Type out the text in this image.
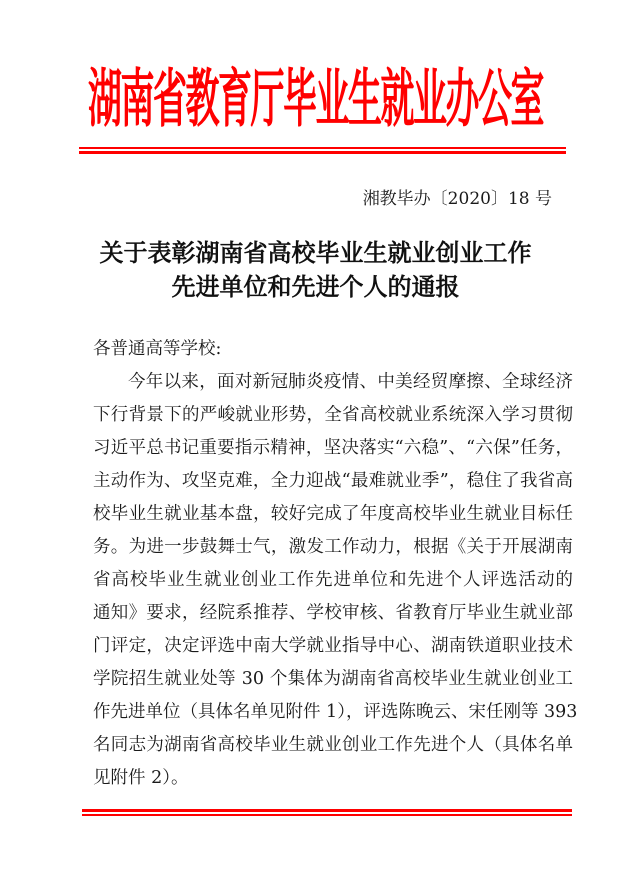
湖南省教育厅毕业生就业办公室
湘教毕办〔2020〕18 号
关于表彰湖南省高校毕业生就业创业工作
先进单位和先进个人的通报
各普通高等学校:
今年以来，面对新冠肺炎疫情、中美经贸摩擦、全球经济
下行背景下的严峻就业形势，全省高校就业系统深入学习贯彻
习近平总书记重要指示精神，坚决落实“六稳”、“六保”任务，
主动作为、攻坚克难，全力迎战“最难就业季”，稳住了我省高
校毕业生就业基本盘，较好完成了年度高校毕业生就业目标任
务。为进一步鼓舞士气，激发工作动力，根据《关于开展湖南
省高校毕业生就业创业工作先进单位和先进个人评选活动的
通知》要求，经院系推荐、学校审核、省教育厅毕业生就业部
门评定，决定评选中南大学就业指导中心、湖南铁道职业技术
学院招生就业处等 30 个集体为湖南省高校毕业生就业创业工
作先进单位（具体名单见附件 1），评选陈晚云、宋任刚等 393
名同志为湖南省高校毕业生就业创业工作先进个人（具体名单
见附件 2）。
